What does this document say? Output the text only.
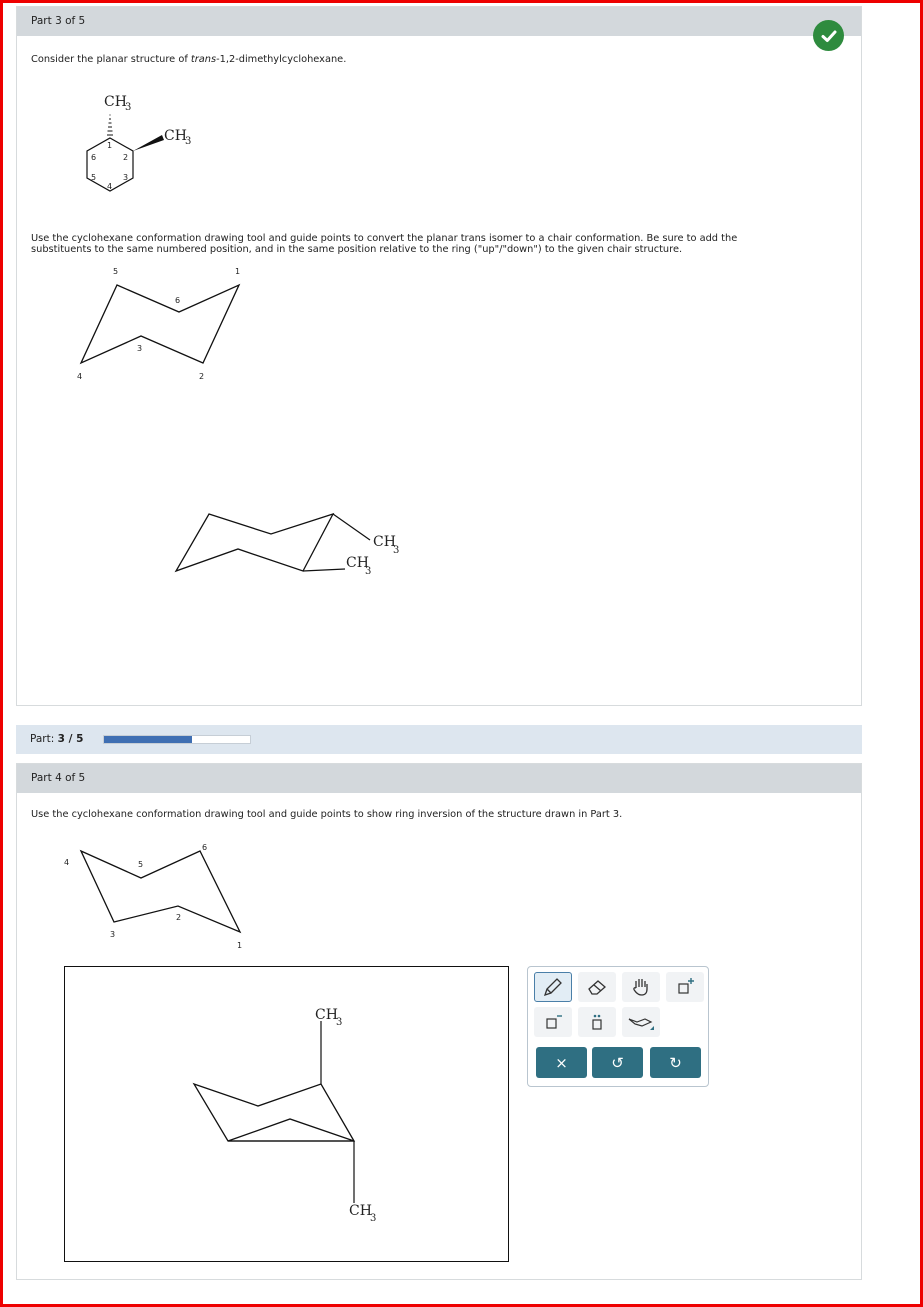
Part 3 of 5
Consider the planar structure of trans-1,2-dimethylcyclohexane.
CH
3
CH
3
1
2
3
4
5
6
Use the cyclohexane conformation drawing tool and guide points to convert the planar trans isomer to a chair conformation. Be sure to add the
substituents to the same numbered position, and in the same position relative to the ring ("up"/"down") to the given chair structure.
5	1
6
3
4	2
CH
3
CH
3
Part: 3 / 5
Part 4 of 5
Use the cyclohexane conformation drawing tool and guide points to show ring inversion of the structure drawn in Part 3.
4	5
6
2
3
1
CH
3
CH
3
×	↺	↻
